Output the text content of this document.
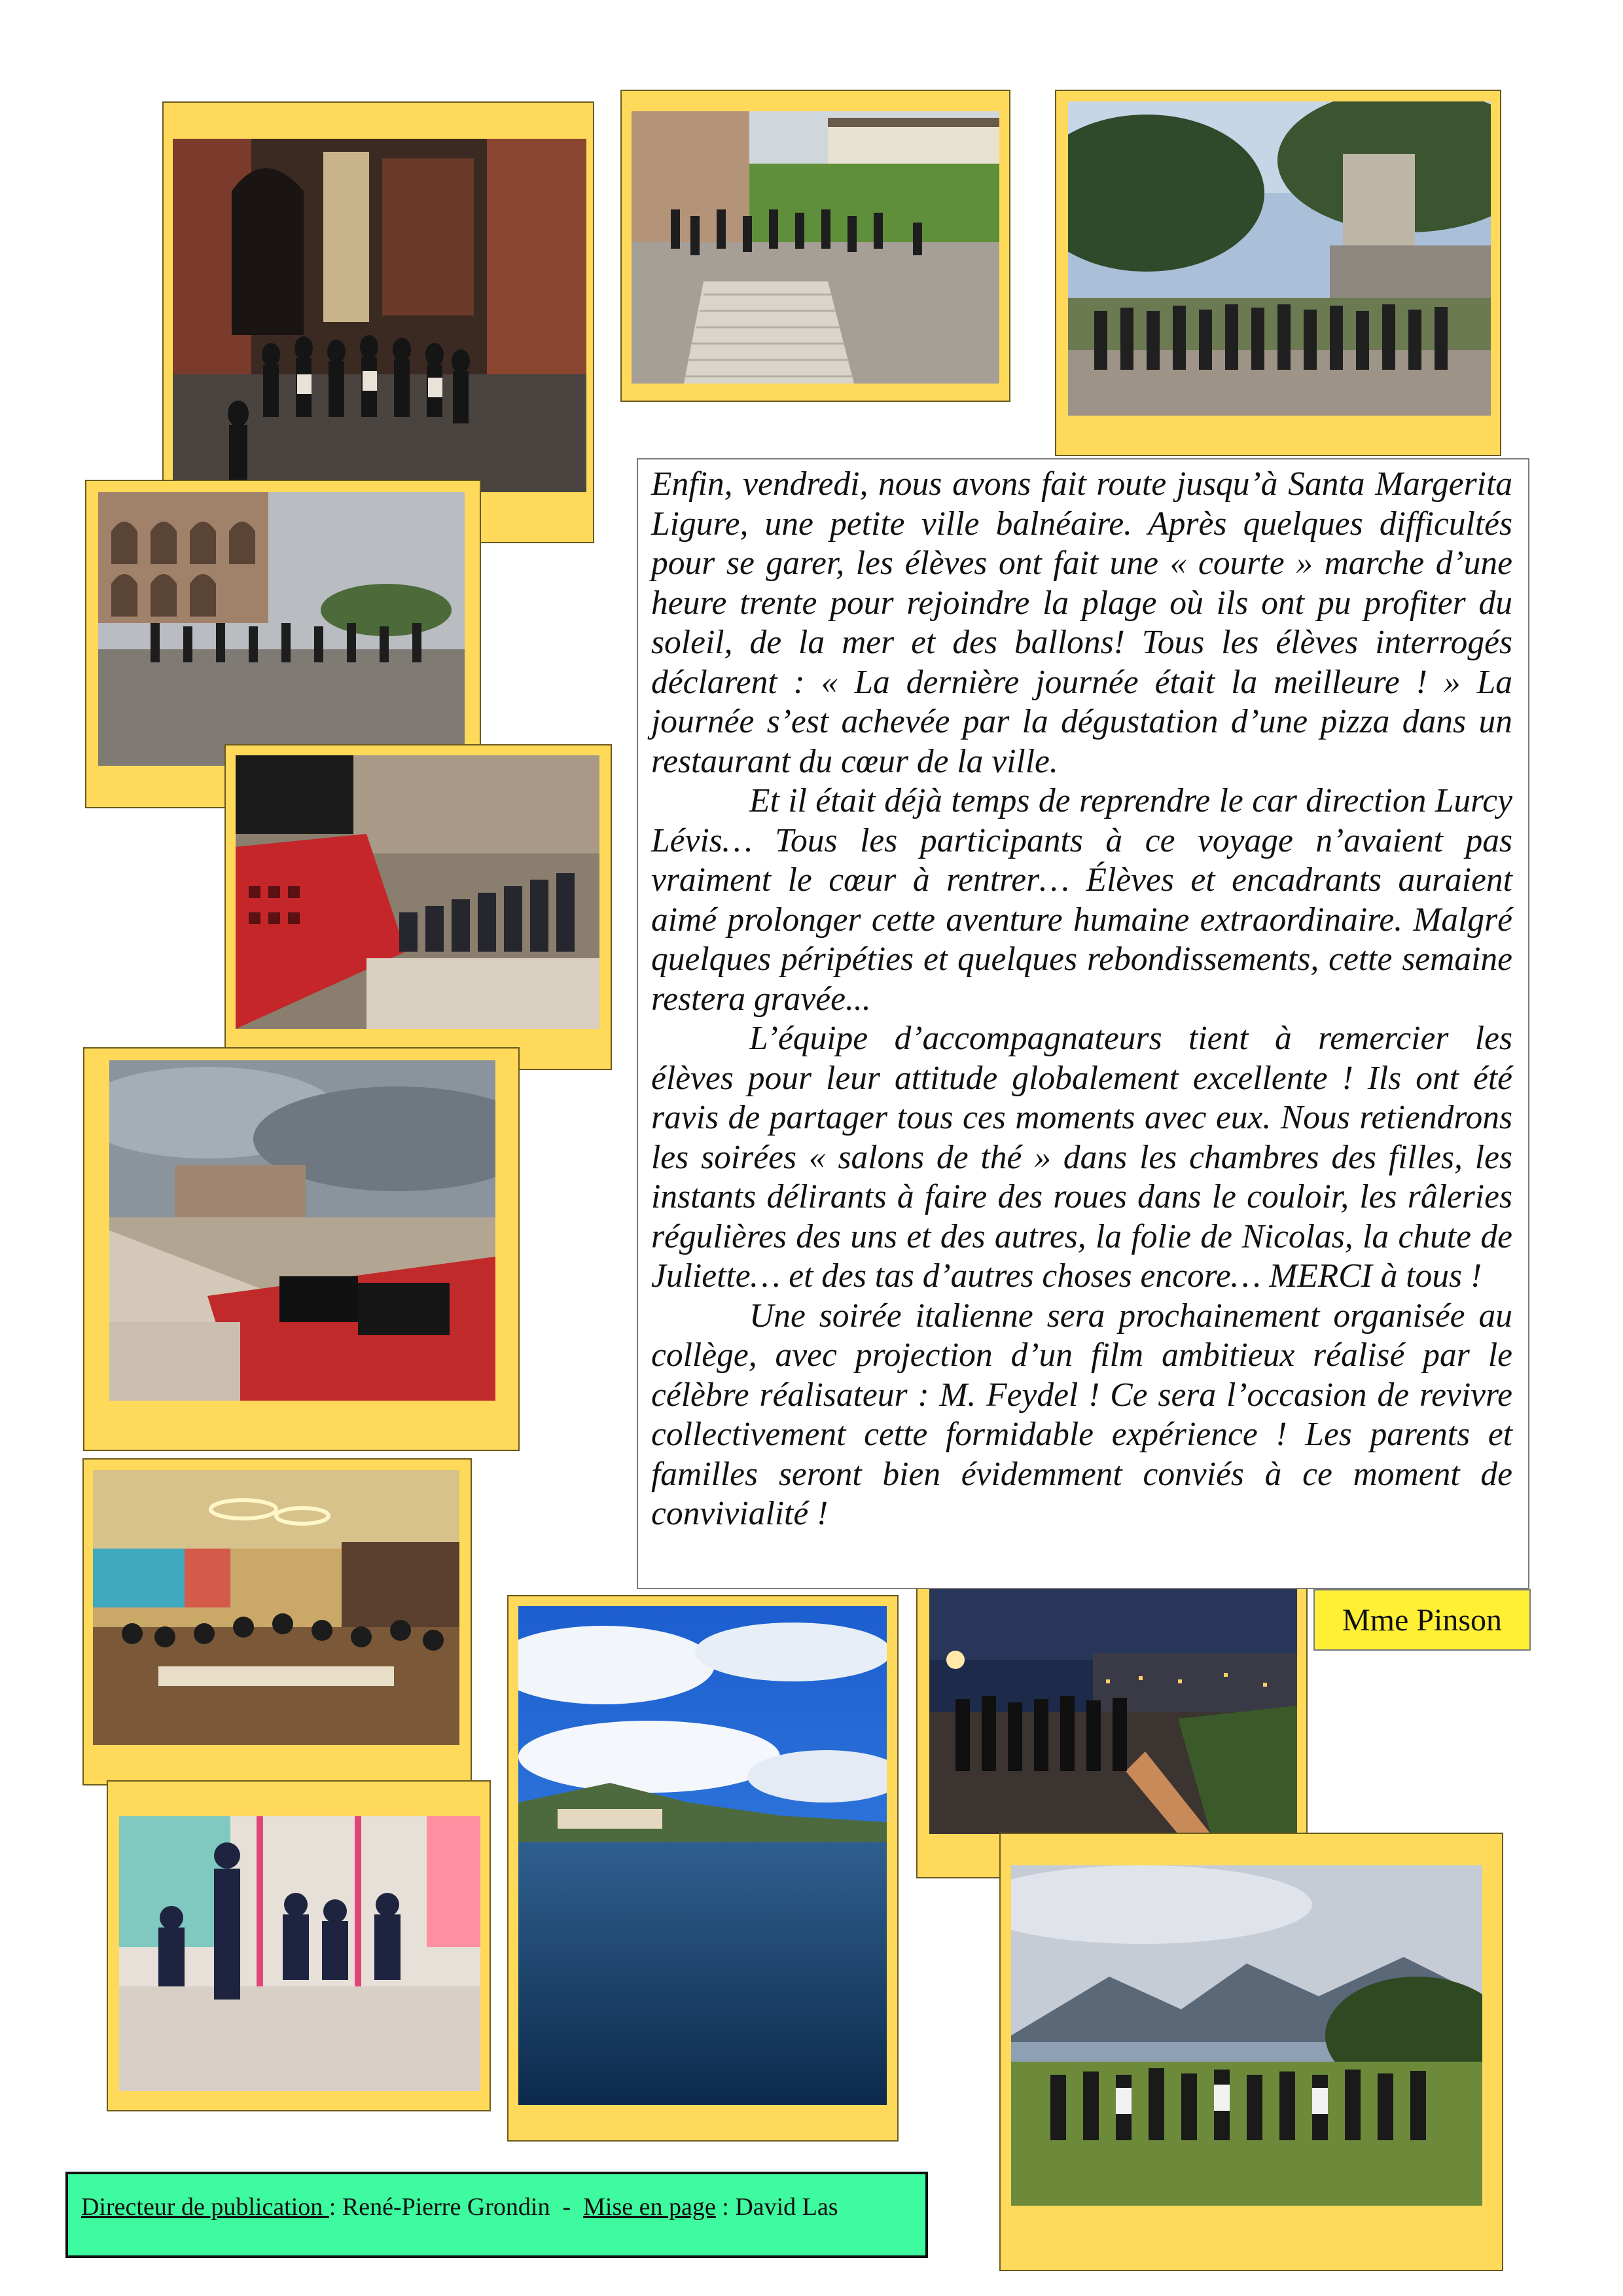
Enfin, vendredi, nous avons fait route jusqu’à Santa Margerita Ligure, une petite ville balnéaire. Après quelques difficultés pour se garer, les élèves ont fait une « courte » marche d’une heure trente pour rejoindre la plage où ils ont pu profiter du soleil, de la mer et des ballons! Tous les élèves interrogés déclarent : « La dernière journée était la meilleure ! » La journée s’est achevée par la dégustation d’une pizza dans un restaurant du cœur de la ville.

Et il était déjà temps de reprendre le car direction Lurcy Lévis… Tous les participants à ce voyage n’avaient pas vraiment le cœur à rentrer… Élèves et encadrants auraient aimé prolonger cette aventure humaine extraordinaire. Malgré quelques péripéties et quelques rebondissements, cette semaine restera gravée...

L’équipe d’accompagnateurs tient à remercier les élèves pour leur attitude globalement excellente ! Ils ont été ravis de partager tous ces moments avec eux. Nous retiendrons les soirées « salons de thé » dans les chambres des filles, les instants délirants à faire des roues dans le couloir, les râleries régulières des uns et des autres, la folie de Nicolas, la chute de Juliette… et des tas d’autres choses encore… MERCI à tous !

Une soirée italienne sera prochainement organisée au collège, avec projection d’un film ambitieux réalisé par le célèbre réalisateur : M. Feydel ! Ce sera l’occasion de revivre collectivement cette formidable expérience ! Les parents et familles seront bien évidemment conviés à ce moment de convivialité !

Mme Pinson
Directeur de publication : René-Pierre Grondin  -  Mise en page : David Las
